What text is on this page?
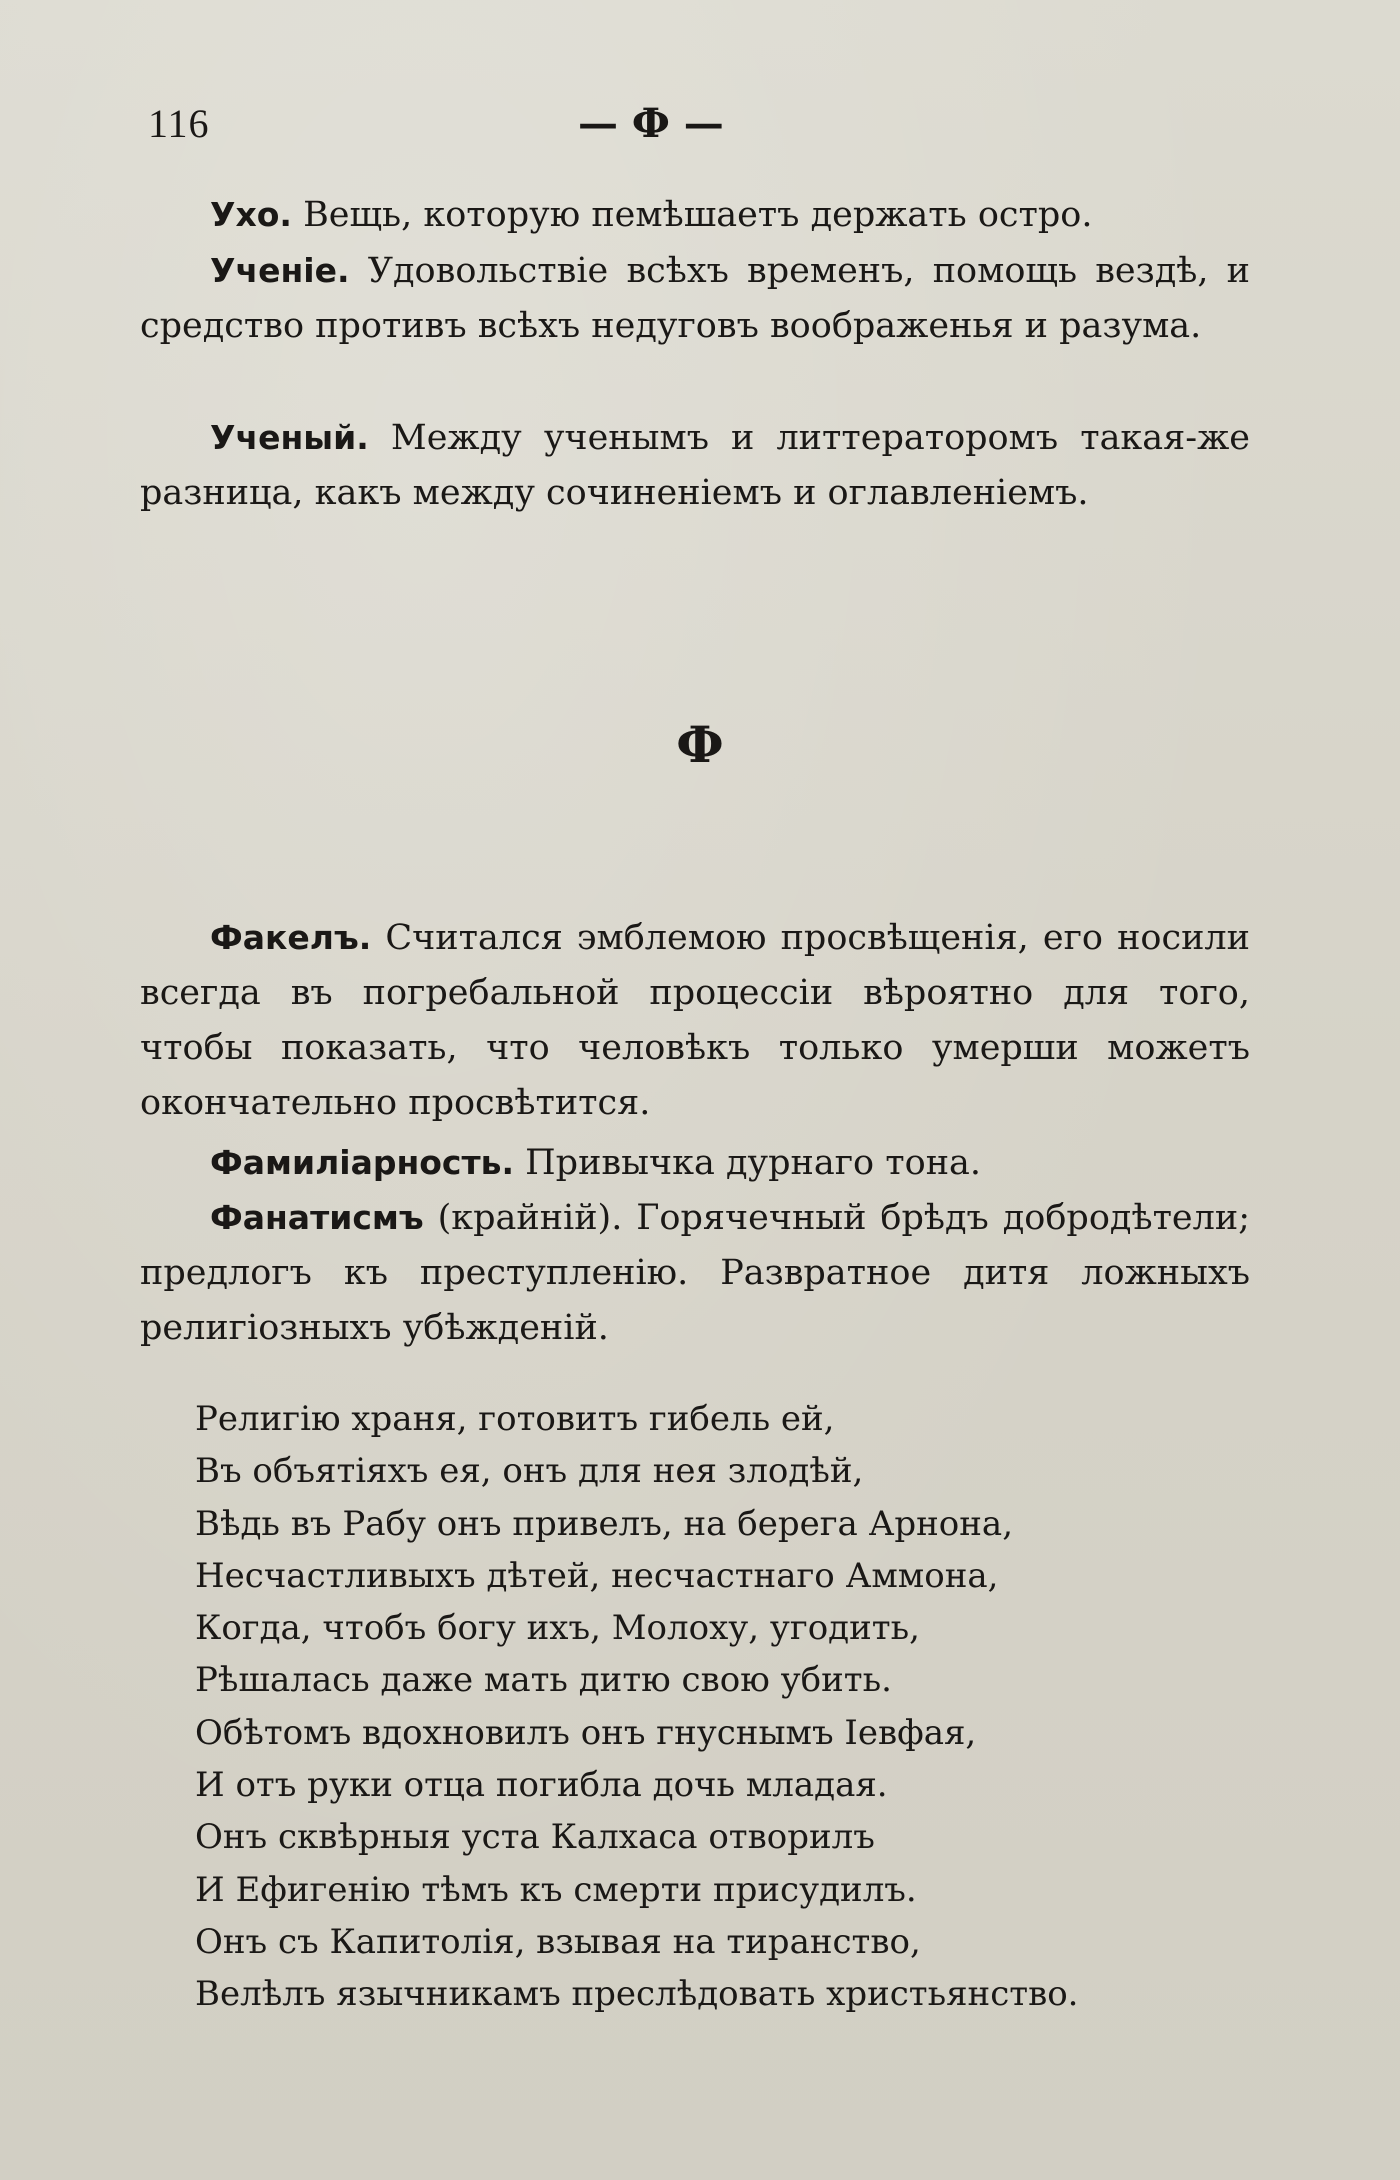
116	— Ф —

Ухо. Вещь, которую пемѣшаетъ держать остро.

Ученіе. Удовольствіе всѣхъ временъ, помощь вездѣ, и средство противъ всѣхъ недуговъ воображенья и разума.

Ученый. Между ученымъ и литтераторомъ такая-же разница, какъ между сочиненіемъ и оглавленіемъ.

Ф

Факелъ. Считался эмблемою просвѣщенія, его носили всегда въ погребальной процессіи вѣроятно для того, чтобы показать, что человѣкъ только умерши можетъ окончательно просвѣтится.

Фамиліарность. Привычка дурнаго тона.

Фанатисмъ (крайній). Горячечный брѣдъ добродѣтели; предлогъ къ преступленію. Развратное дитя ложныхъ религіозныхъ убѣжденій.

Религію храня, готовитъ гибель ей,
Въ объятіяхъ ея, онъ для нея злодѣй,
Вѣдь въ Рабу онъ привелъ, на берега Арнона,
Несчастливыхъ дѣтей, несчастнаго Аммона,
Когда, чтобъ богу ихъ, Молоху, угодить,
Рѣшалась даже мать дитю свою убить.
Обѣтомъ вдохновилъ онъ гнуснымъ Іевфая,
И отъ руки отца погибла дочь младая.
Онъ сквѣрныя уста Калхаса отворилъ
И Ефигенію тѣмъ къ смерти присудилъ.
Онъ съ Капитолія, взывая на тиранство,
Велѣлъ язычникамъ преслѣдовать христьянство.
